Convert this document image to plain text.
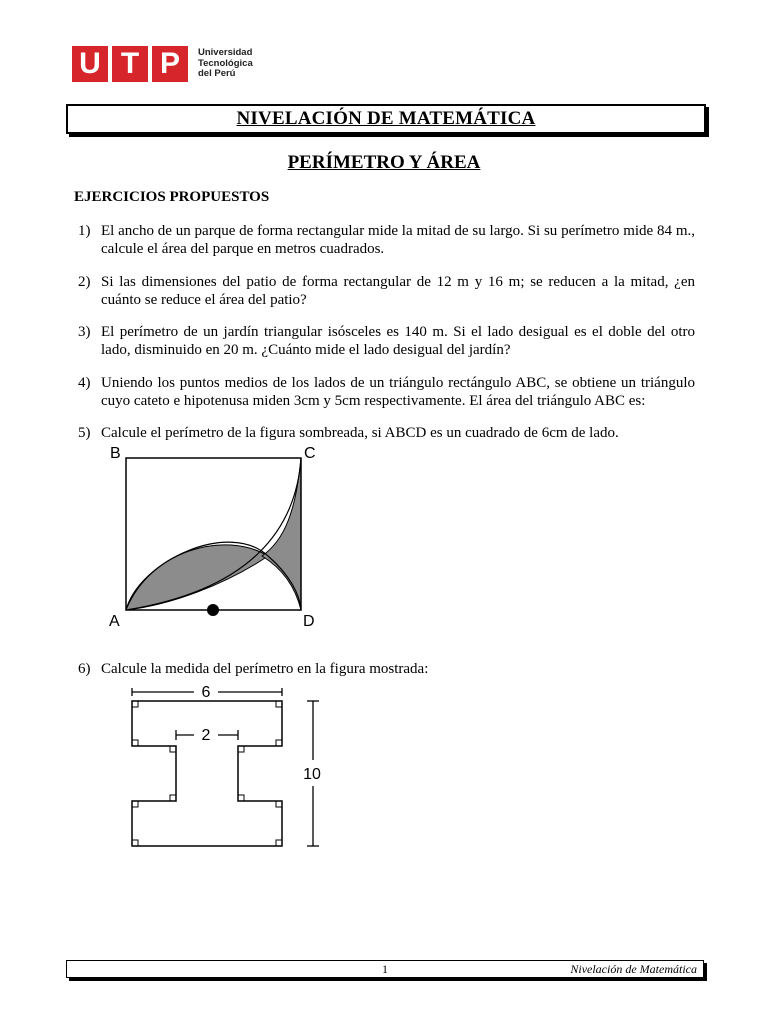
U T P	Universidad
Tecnológica
del Perú
NIVELACIÓN DE MATEMÁTICA
PERÍMETRO Y ÁREA
EJERCICIOS PROPUESTOS
1) El ancho de un parque de forma rectangular mide la mitad de su largo. Si su perímetro mide 84 m., calcule el área del parque en metros cuadrados.
2) Si las dimensiones del patio de forma rectangular de 12 m y 16 m; se reducen a la mitad, ¿en cuánto se reduce el área del patio?
3) El perímetro de un jardín triangular isósceles es 140 m. Si el lado desigual es el doble del otro lado, disminuido en 20 m. ¿Cuánto mide el lado desigual del jardín?
4) Uniendo los puntos medios de los lados de un triángulo rectángulo ABC, se obtiene un triángulo cuyo cateto e hipotenusa miden 3cm y 5cm respectivamente. El área del triángulo ABC es:
5) Calcule el perímetro de la figura sombreada, si ABCD es un cuadrado de 6cm de lado.
B	C
A	D
6) Calcule la medida del perímetro en la figura mostrada:
6
2
10
1	Nivelación de Matemática
